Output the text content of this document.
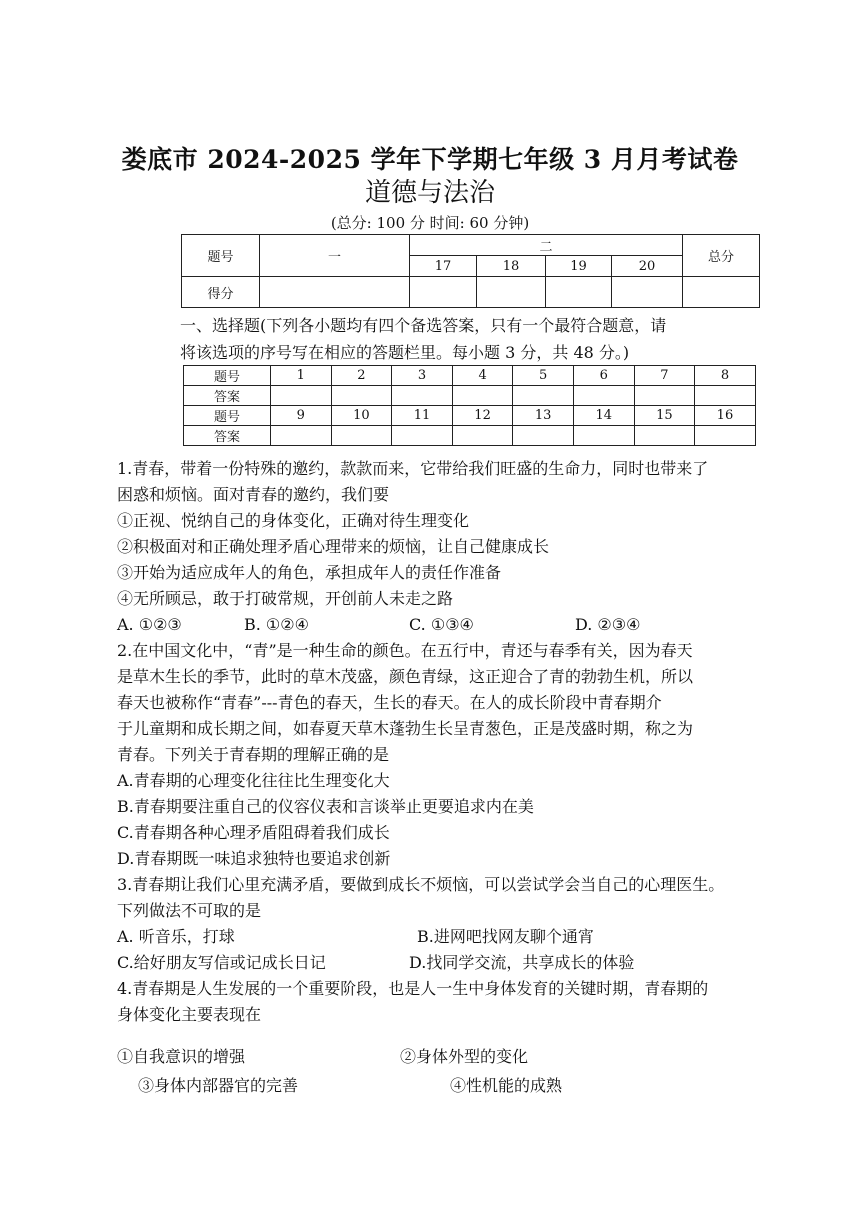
娄底市 2024-2025 学年下学期七年级 3 月月考试卷
道德与法治
(总分: 100 分 时间: 60 分钟)
题号	一	二				总分
		17	18	19	20	
得分						
一、选择题(下列各小题均有四个备选答案，只有一个最符合题意，请
将该选项的序号写在相应的答题栏里。每小题 3 分，共 48 分。)
题号	1	2	3	4	5	6	7	8
答案								
题号	9	10	11	12	13	14	15	16
答案								
1.青春，带着一份特殊的邀约，款款而来，它带给我们旺盛的生命力，同时也带来了
困惑和烦恼。面对青春的邀约，我们要
①正视、悦纳自己的身体变化，正确对待生理变化
②积极面对和正确处理矛盾心理带来的烦恼，让自己健康成长
③开始为适应成年人的角色，承担成年人的责任作准备
④无所顾忌，敢于打破常规，开创前人未走之路
A. ①②③	B. ①②④	C. ①③④	D. ②③④
2.在中国文化中，“青”是一种生命的颜色。在五行中，青还与春季有关，因为春天
是草木生长的季节，此时的草木茂盛，颜色青绿，这正迎合了青的勃勃生机，所以
春天也被称作“青春”---青色的春天，生长的春天。在人的成长阶段中青春期介
于儿童期和成长期之间，如春夏天草木蓬勃生长呈青葱色，正是茂盛时期，称之为
青春。下列关于青春期的理解正确的是
A.青春期的心理变化往往比生理变化大
B.青春期要注重自己的仪容仪表和言谈举止更要追求内在美
C.青春期各种心理矛盾阻碍着我们成长
D.青春期既一味追求独特也要追求创新
3.青春期让我们心里充满矛盾，要做到成长不烦恼，可以尝试学会当自己的心理医生。
下列做法不可取的是
A. 听音乐，打球	B.进网吧找网友聊个通宵
C.给好朋友写信或记成长日记	D.找同学交流，共享成长的体验
4.青春期是人生发展的一个重要阶段，也是人一生中身体发育的关键时期，青春期的
身体变化主要表现在
①自我意识的增强	②身体外型的变化
③身体内部器官的完善	④性机能的成熟
